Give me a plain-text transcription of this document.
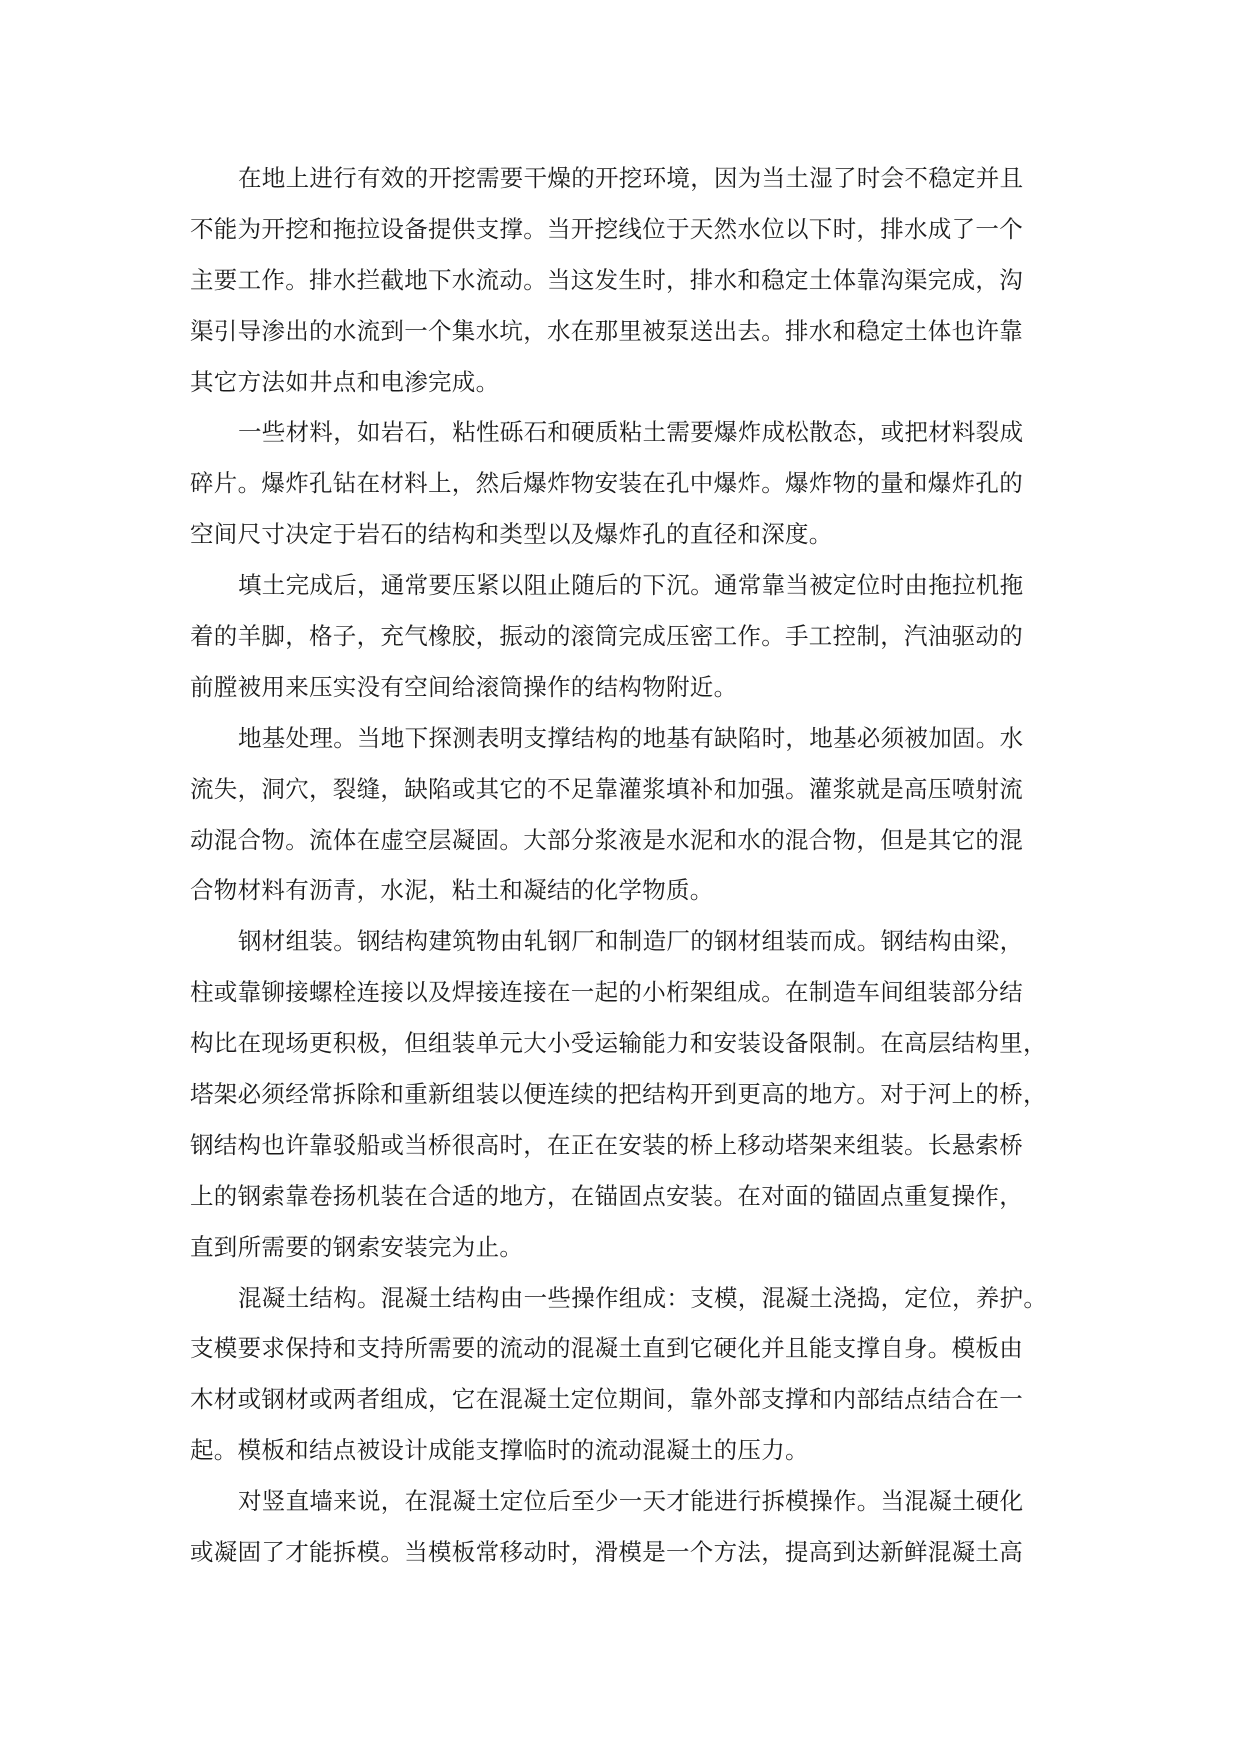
在地上进行有效的开挖需要干燥的开挖环境，因为当土湿了时会不稳定并且
不能为开挖和拖拉设备提供支撑。当开挖线位于天然水位以下时，排水成了一个
主要工作。排水拦截地下水流动。当这发生时，排水和稳定土体靠沟渠完成，沟
渠引导渗出的水流到一个集水坑，水在那里被泵送出去。排水和稳定土体也许靠
其它方法如井点和电渗完成。
一些材料，如岩石，粘性砾石和硬质粘土需要爆炸成松散态，或把材料裂成
碎片。爆炸孔钻在材料上，然后爆炸物安装在孔中爆炸。爆炸物的量和爆炸孔的
空间尺寸决定于岩石的结构和类型以及爆炸孔的直径和深度。
填土完成后，通常要压紧以阻止随后的下沉。通常靠当被定位时由拖拉机拖
着的羊脚，格子，充气橡胶，振动的滚筒完成压密工作。手工控制，汽油驱动的
前膛被用来压实没有空间给滚筒操作的结构物附近。
地基处理。当地下探测表明支撑结构的地基有缺陷时，地基必须被加固。水
流失，洞穴，裂缝，缺陷或其它的不足靠灌浆填补和加强。灌浆就是高压喷射流
动混合物。流体在虚空层凝固。大部分浆液是水泥和水的混合物，但是其它的混
合物材料有沥青，水泥，粘土和凝结的化学物质。
钢材组装。钢结构建筑物由轧钢厂和制造厂的钢材组装而成。钢结构由梁，
柱或靠铆接螺栓连接以及焊接连接在一起的小桁架组成。在制造车间组装部分结
构比在现场更积极，但组装单元大小受运输能力和安装设备限制。在高层结构里，
塔架必须经常拆除和重新组装以便连续的把结构开到更高的地方。对于河上的桥，
钢结构也许靠驳船或当桥很高时，在正在安装的桥上移动塔架来组装。长悬索桥
上的钢索靠卷扬机装在合适的地方，在锚固点安装。在对面的锚固点重复操作，
直到所需要的钢索安装完为止。
混凝土结构。混凝土结构由一些操作组成：支模，混凝土浇捣，定位，养护。
支模要求保持和支持所需要的流动的混凝土直到它硬化并且能支撑自身。模板由
木材或钢材或两者组成，它在混凝土定位期间，靠外部支撑和内部结点结合在一
起。模板和结点被设计成能支撑临时的流动混凝土的压力。
对竖直墙来说，在混凝土定位后至少一天才能进行拆模操作。当混凝土硬化
或凝固了才能拆模。当模板常移动时，滑模是一个方法，提高到达新鲜混凝土高
